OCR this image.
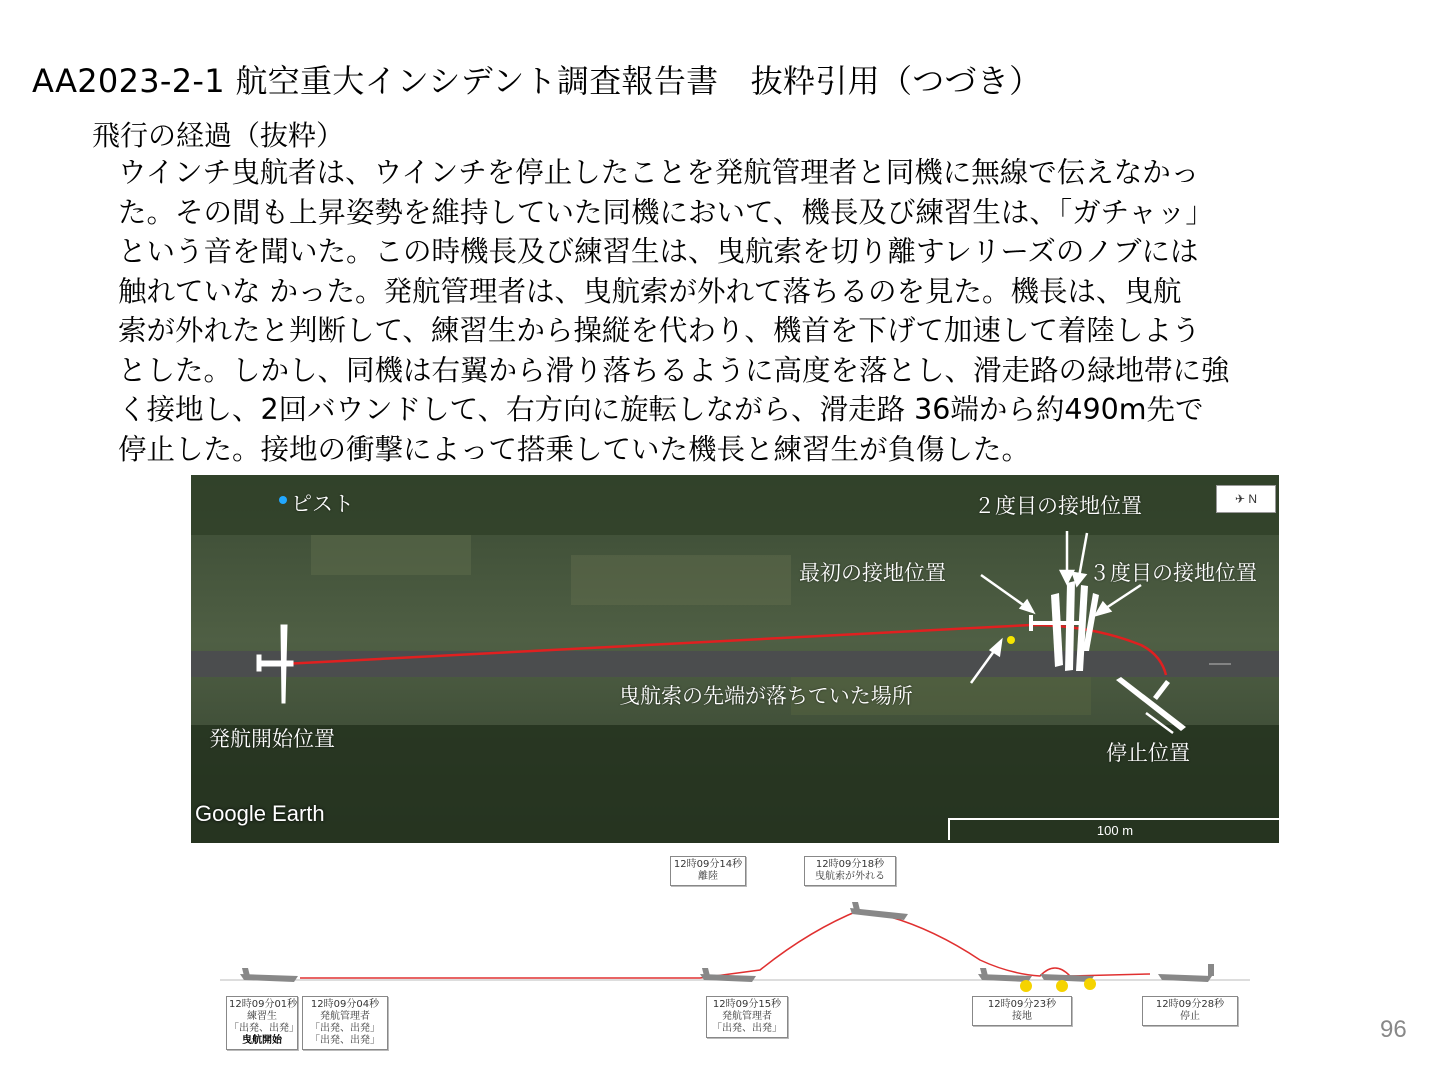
AA2023-2-1 航空重大インシデント調査報告書　抜粋引用（つづき）
飛行の経過（抜粋）
ウインチ曳航者は、ウインチを停止したことを発航管理者と同機に無線で伝えなかっ
た。その間も上昇姿勢を維持していた同機において、機長及び練習生は、「ガチャッ」
という音を聞いた。この時機長及び練習生は、曳航索を切り離すレリーズのノブには
触れていな かった。発航管理者は、曳航索が外れて落ちるのを見た。機長は、曳航
索が外れたと判断して、練習生から操縦を代わり、機首を下げて加速して着陸しよう
とした。しかし、同機は右翼から滑り落ちるように高度を落とし、滑走路の緑地帯に強
く接地し、2回バウンドして、右方向に旋転しながら、滑走路 36端から約490m先で
停止した。接地の衝撃によって搭乗していた機長と練習生が負傷した。
ピスト	２度目の接地位置
最初の接地位置	３度目の接地位置
曳航索の先端が落ちていた場所
発航開始位置
停止位置
Google Earth
✈ N
100 m
12時09分01秒
練習生
「出発、出発」
曳航開始
12時09分04秒
発航管理者
「出発、出発」
「出発、出発」
12時09分14秒
離陸
12時09分18秒
曳航索が外れる
12時09分15秒
発航管理者
「出発、出発」
12時09分23秒
接地
12時09分28秒
停止	96
